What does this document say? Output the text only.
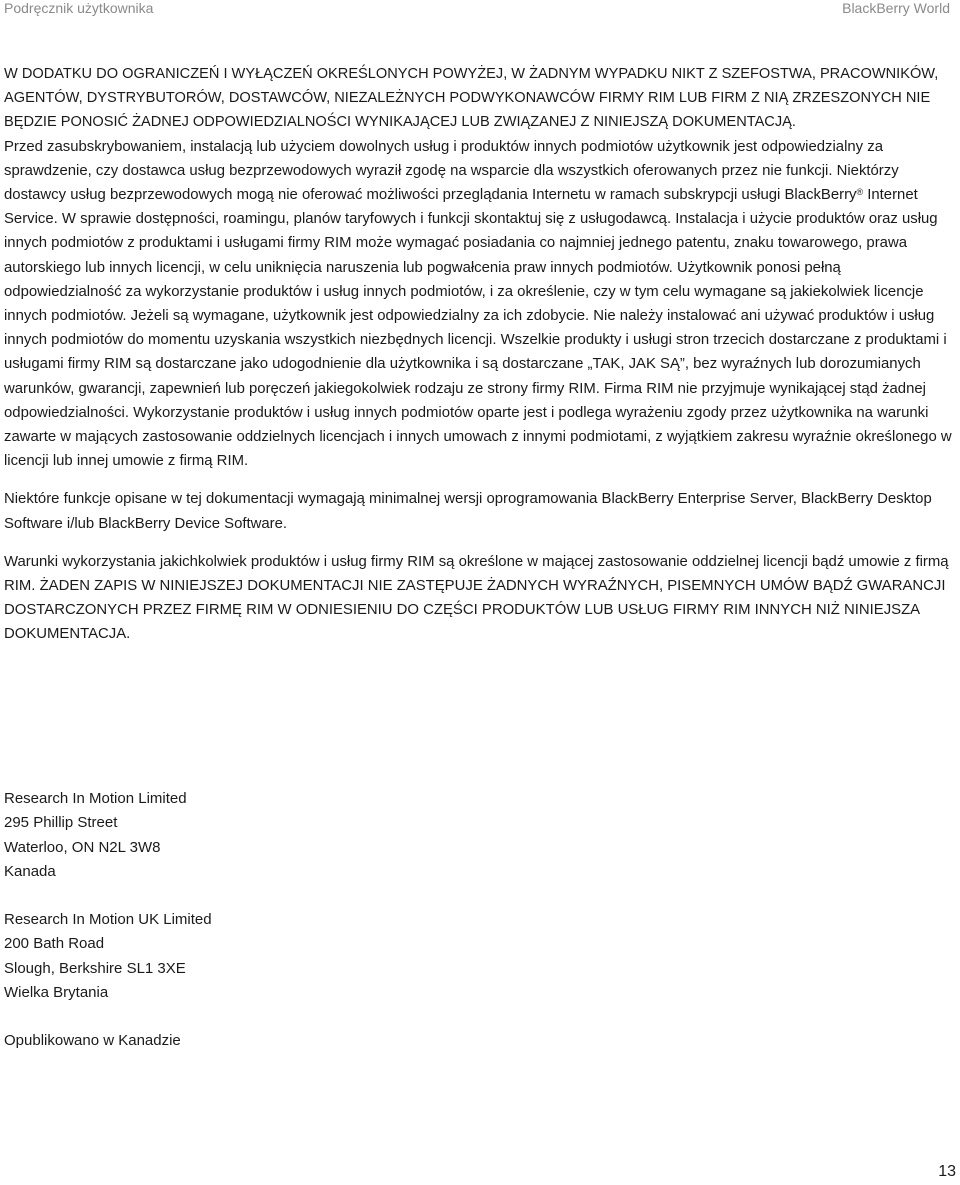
Podręcznik użytkownika	BlackBerry World

W DODATKU DO OGRANICZEŃ I WYŁĄCZEŃ OKREŚLONYCH POWYŻEJ, W ŻADNYM WYPADKU NIKT Z SZEFOSTWA, PRACOWNIKÓW, AGENTÓW, DYSTRYBUTORÓW, DOSTAWCÓW, NIEZALEŻNYCH PODWYKONAWCÓW FIRMY RIM LUB FIRM Z NIĄ ZRZESZONYCH NIE BĘDZIE PONOSIĆ ŻADNEJ ODPOWIEDZIALNOŚCI WYNIKAJĄCEJ LUB ZWIĄZANEJ Z NINIEJSZĄ DOKUMENTACJĄ.

Przed zasubskrybowaniem, instalacją lub użyciem dowolnych usług i produktów innych podmiotów użytkownik jest odpowiedzialny za sprawdzenie, czy dostawca usług bezprzewodowych wyraził zgodę na wsparcie dla wszystkich oferowanych przez nie funkcji. Niektórzy dostawcy usług bezprzewodowych mogą nie oferować możliwości przeglądania Internetu w ramach subskrypcji usługi BlackBerry® Internet Service. W sprawie dostępności, roamingu, planów taryfowych i funkcji skontaktuj się z usługodawcą. Instalacja i użycie produktów oraz usług innych podmiotów z produktami i usługami firmy RIM może wymagać posiadania co najmniej jednego patentu, znaku towarowego, prawa autorskiego lub innych licencji, w celu uniknięcia naruszenia lub pogwałcenia praw innych podmiotów. Użytkownik ponosi pełną odpowiedzialność za wykorzystanie produktów i usług innych podmiotów, i za określenie, czy w tym celu wymagane są jakiekolwiek licencje innych podmiotów. Jeżeli są wymagane, użytkownik jest odpowiedzialny za ich zdobycie. Nie należy instalować ani używać produktów i usług innych podmiotów do momentu uzyskania wszystkich niezbędnych licencji. Wszelkie produkty i usługi stron trzecich dostarczane z produktami i usługami firmy RIM są dostarczane jako udogodnienie dla użytkownika i są dostarczane „TAK, JAK SĄ”, bez wyraźnych lub dorozumianych warunków, gwarancji, zapewnień lub poręczeń jakiegokolwiek rodzaju ze strony firmy RIM. Firma RIM nie przyjmuje wynikającej stąd żadnej odpowiedzialności. Wykorzystanie produktów i usług innych podmiotów oparte jest i podlega wyrażeniu zgody przez użytkownika na warunki zawarte w mających zastosowanie oddzielnych licencjach i innych umowach z innymi podmiotami, z wyjątkiem zakresu wyraźnie określonego w licencji lub innej umowie z firmą RIM.

Niektóre funkcje opisane w tej dokumentacji wymagają minimalnej wersji oprogramowania BlackBerry Enterprise Server, BlackBerry Desktop Software i/lub BlackBerry Device Software.

Warunki wykorzystania jakichkolwiek produktów i usług firmy RIM są określone w mającej zastosowanie oddzielnej licencji bądź umowie z firmą RIM. ŻADEN ZAPIS W NINIEJSZEJ DOKUMENTACJI NIE ZASTĘPUJE ŻADNYCH WYRAŹNYCH, PISEMNYCH UMÓW BĄDŹ GWARANCJI DOSTARCZONYCH PRZEZ FIRMĘ RIM W ODNIESIENIU DO CZĘŚCI PRODUKTÓW LUB USŁUG FIRMY RIM INNYCH NIŻ NINIEJSZA DOKUMENTACJA.

Research In Motion Limited
295 Phillip Street
Waterloo, ON N2L 3W8
Kanada
Research In Motion UK Limited
200 Bath Road
Slough, Berkshire SL1 3XE
Wielka Brytania
Opublikowano w Kanadzie
13
